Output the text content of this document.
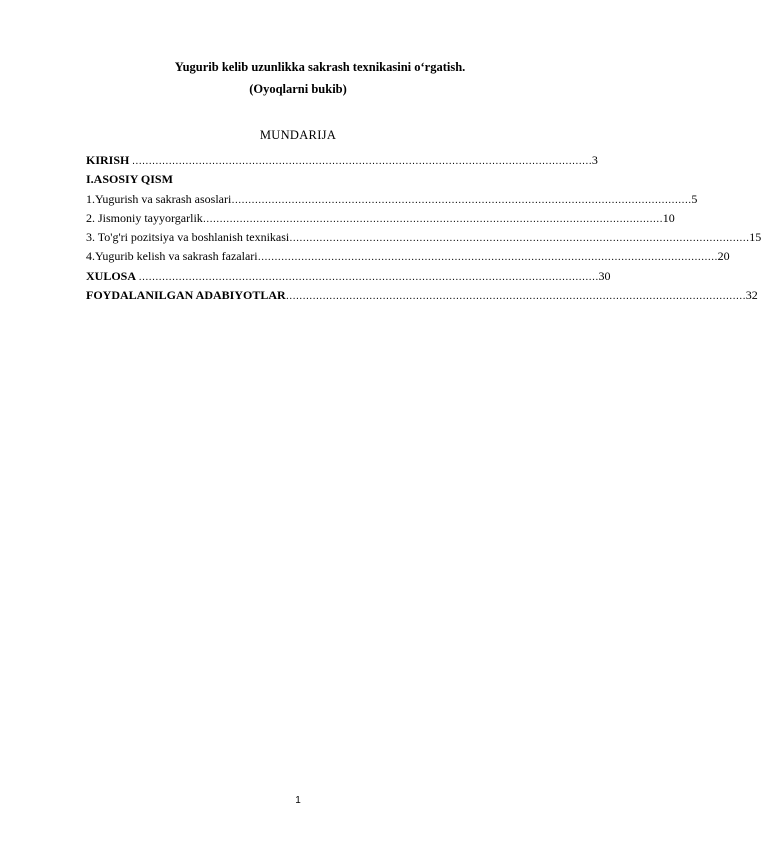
Yugurib kelib uzunlikka sakrash texnikasini o‘rgatish.
(Oyoqlarni bukib)
MUNDARIJA
KIRISH ………………………………………………………………………………………………………………………… 3
I.ASOSIY QISM
1.Yugurish va sakrash asoslari ………………………………………………………………………………………………………………………… 5
2. Jismoniy tayyorgarlik ………………………………………………………………………………………………………………………… 10
3. To'g'ri pozitsiya va boshlanish texnikasi ………………………………………………………………………………………………………………………… 15
4.Yugurib kelish va sakrash fazalari ………………………………………………………………………………………………………………………… 20
XULOSA ………………………………………………………………………………………………………………………… 30
FOYDALANILGAN ADABIYOTLAR ………………………………………………………………………………………………………………………… 32
1
